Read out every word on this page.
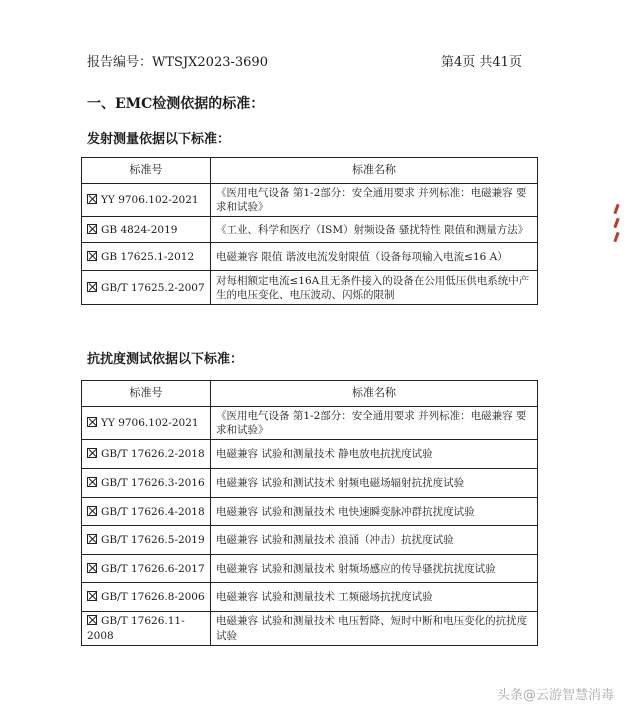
报告编号：WTSJX2023-3690	第4页 共41页
一、EMC检测依据的标准：
发射测量依据以下标准：
标准号	标准名称
YY 9706.102-2021	《医用电气设备 第1-2部分：安全通用要求 并列标准：电磁兼容 要求和试验》
GB 4824-2019	《工业、科学和医疗（ISM）射频设备 骚扰特性 限值和测量方法》
GB 17625.1-2012	电磁兼容 限值 谐波电流发射限值（设备每项输入电流≤16 A）
GB/T 17625.2-2007	对每相额定电流≤16A且无条件接入的设备在公用低压供电系统中产生的电压变化、电压波动、闪烁的限制
抗扰度测试依据以下标准：
标准号	标准名称
YY 9706.102-2021	《医用电气设备 第1-2部分：安全通用要求 并列标准：电磁兼容 要求和试验》
GB/T 17626.2-2018	电磁兼容 试验和测量技术 静电放电抗扰度试验
GB/T 17626.3-2016	电磁兼容 试验和测试技术 射频电磁场辐射抗扰度试验
GB/T 17626.4-2018	电磁兼容 试验和测量技术 电快速瞬变脉冲群抗扰度试验
GB/T 17626.5-2019	电磁兼容 试验和测量技术 浪涌（冲击）抗扰度试验
GB/T 17626.6-2017	电磁兼容 试验和测量技术 射频场感应的传导骚扰抗扰度试验
GB/T 17626.8-2006	电磁兼容 试验和测量技术 工频磁场抗扰度试验
GB/T 17626.11-2008	电磁兼容 试验和测量技术 电压暂降、短时中断和电压变化的抗扰度试验
头条@云游智慧消毒
